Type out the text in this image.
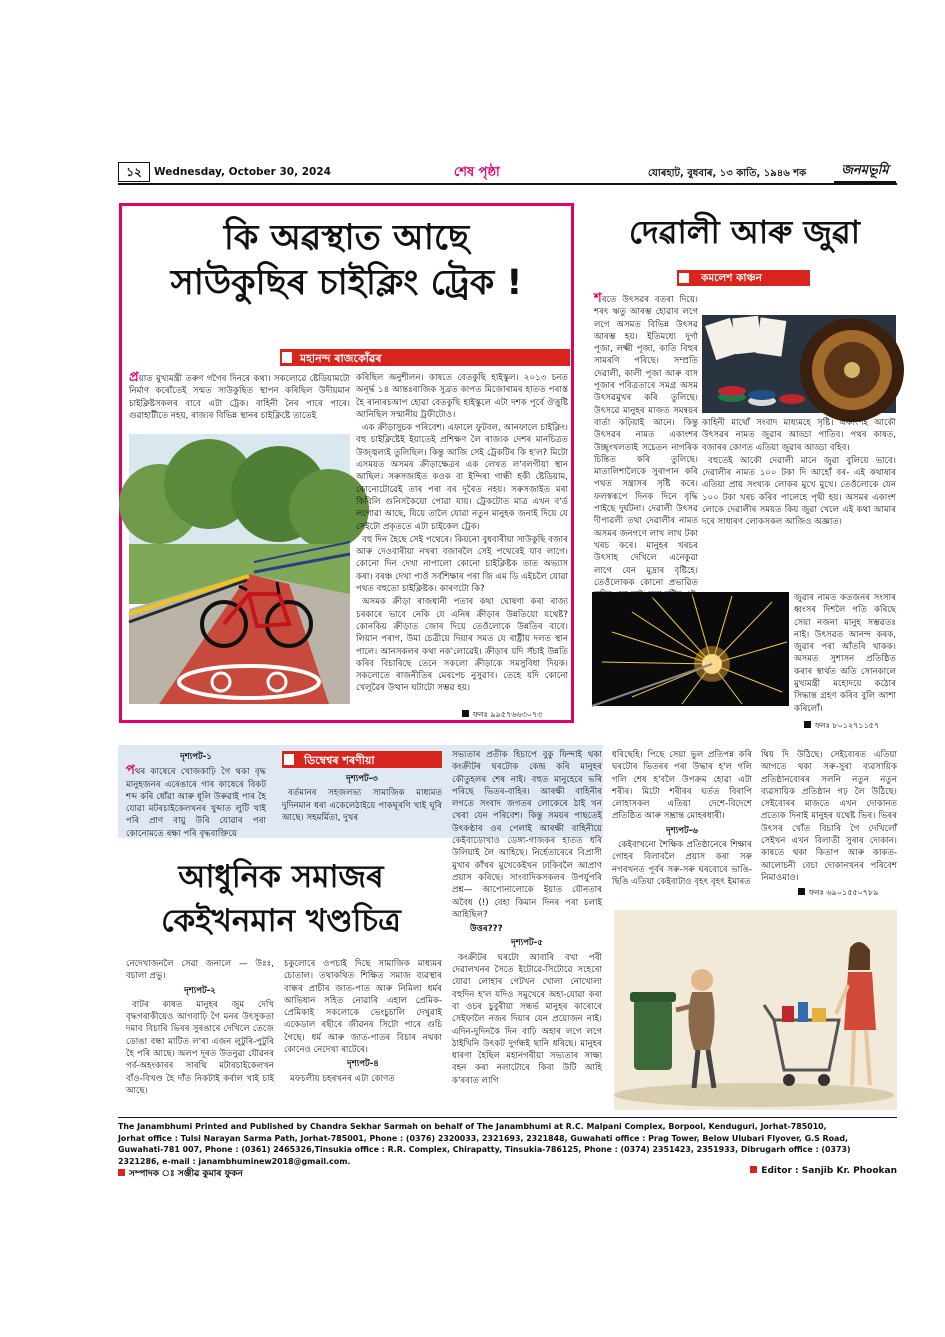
১২	Wednesday, October 30, 2024	শেষ পৃষ্ঠা	যোৰহাট, বুধবাৰ, ১৩ কাতি, ১৯৪৬ শক	জনমভূমি
কি অৱস্থাত আছে
সাউকুছিৰ চাইক্লিং ট্ৰেক !
মহানন্দ ৰাজকোঁৱৰ

প্ৰয়াত মুখ্যমন্ত্ৰী তৰুণ গগৈৰ দিনৰে কথা। সকলোৱে ষ্টেডিয়ামটো নিৰ্মাণ কৰোঁতেই সন্মত সাউকুছিত স্থাপন কৰিছিল উদীয়মান চাইক্লিষ্টসকলৰ বাবে এটা ট্ৰেক। বাহিনী নৈৰ পাৰে পাৰে। গুৱাহাটীতে নহয়, ৰাজ্যৰ বিভিন্ন স্থানৰ চাইক্লিষ্টে তাতেই

কৰিছিল অনুশীলন। কাষতে বেতকুছি হাইস্কুল। ২০১৩ চনত অনূৰ্দ্ধ ১৪ আন্তঃৰাজিক সুব্ৰত কাপত মিজোৰামৰ হাতত পৰাস্ত হৈ ৰানাৰচআপ হোৱা বেতকুছি হাইস্কুলে এটা দশক পূৰ্বে ঔত্তুষ্টি আনিছিল সন্মানীয় ট্ৰফীটোও।

এক ক্ৰীড়াসুচক পৰিবেশ। এফালে ফুটবল, আনফালে চাইক্লিং। বহু চাইক্লিষ্টেই ইয়াতেই প্ৰশিক্ষণ লৈ ৰাজ্যক দেশৰ মানচিত্ৰত উজ্জ্বল্যই তুলিছিল। কিন্তু আজি সেই ট্ৰেকটিৰ কি হ'ল? মিটো এসময়ত অসমৰ ক্ৰীড়াক্ষেত্ৰৰ এক লেখত ল'বলগীয়া স্থান আছিল। সৰুসজাইত কওক বা ইন্দিৰা গান্ধী হকী ষ্টেডিয়াম, কোনোটোৱেই তাৰ পৰা বৰ দূৰৈত নহয়। সৰুসজাইত মৰা কিবিলি গুনিসকৈয়ো পোৱা যায়। ট্ৰেকটোত মাত্ৰ এখন ব'ৰ্ড লগোৱা আছে, যিয়ে তালৈ যোৱা নতুন মানুহক জনাই দিয়ে যে সেইটো প্ৰকৃততে এটা চাইকেল ট্ৰেক।

বহু দিন হৈছে সেই পথেৰে। কিয়নো বুধবাৰীয়া সাউকুছি বজাৰ আৰু দেওবাৰীয়া নখৰা বজাৰলৈ সেই পথেৰেই যাব লাগে। কোনো দিন দেখা নাপালো কোনো চাইক্লিষ্টক তাত অভ্যাস কৰা। বৰঞ্চ দেখা পাওঁ সৰ্বশিক্ষাৰ পৰা জি এম ডি এইচলৈ যোৱা পথত বহুতো চাইক্লিষ্টক। কাৰণটো কি?

অসমক ক্ৰীড়া ৰাজধানী পতাৰ কথা ঘোষণা কৰা ৰাজ্য চৰকাৰে ভাবে নেকি যে এনিষ ক্ৰীড়াৰ উন্নতিয়ো যথেষ্ট? কোনকিয় ক্ৰীড়াত জোৰ দিয়ে তেওঁলোকে উন্নতিৰ বাবে। লিয়ান পৰাগ, উমা চেত্ৰীয়ে দিয়াৰ সমত যে ৰাষ্ট্ৰীয় দলত স্থান পালে। আনসকলৰ কথা নক'লোৱেই। ক্ৰীড়াৰ যদি সঁচাই উন্নতি কৰিব বিচাৰিছে তেনে সকলো ক্ৰীড়াকে সমসুবিধা দিয়ক। সকলোতে ৰাজনীতিৰ মেৰপেচ নুসুৱাব। তেহে যদি কোনো খেলুৱৈৰ উত্থান ঘটাটো সম্ভৱ হয়।

ফনঃ ৯৯৫৭৬৬৩০৭৩
দেৱালী আৰু জুৱা
কমলেশ কাঞ্চন

শৰতে উৎসৱৰ বতৰা দিয়ে। শৰৎ ঋতু আৰম্ভ হোৱাৰ লগে লগে অসমত বিভিন্ন উৎসৱ আৰম্ভ হয়। ইতিমধ্যে দুৰ্গা পূজা, লক্ষ্মী পূজা, কাতি বিহুৰ সামৰণি পৰিছে। সম্প্ৰতি দেৱালী, কালী পূজা আৰু বাস পূজাৰ পবিত্ৰতাৰে সমগ্ৰ অসম উৎসৱমুখৰ কৰি তুলিছে। উৎসৱে মানুহৰ মাজত সমন্বয়ৰ বাৰ্তা কঢ়িয়াই আনে। কিন্তু উৎসৱৰ নামত একাংশৰ উচ্ছৃংখলতাই সচেতন নাগৰিক চিন্তিত কৰি তুলিছে। মাতালিশালৈকে সুৰাপান কৰি পথত সন্ত্ৰাসৰ সৃষ্টি কৰে। ফলস্বৰূপে দিনক দিনে বৃদ্ধি পাইছে দুৰ্ঘটনা। দেৱালী উৎসৱ দীপাৱলী তথা দেৱালীৰ নামত অসমৰ জনগণে লাখ লাখ টকা খৰচ কৰে। মানুহৰ খৰচৰ উৎসাহ দেখিলে এনেকুৱা লাগে যেন মুদ্ৰাৰ বৃষ্টিহে। তেওঁলোকক কোনো প্ৰভাৱিত কৰিব পৰা নাই। মুদ্ৰা বৃষ্টিৰ এই

কাহিনী মাথোঁ সংবাদ মাধ্যমহে সৃষ্টি। একাংশই আকৌ উৎসৱৰ নামত জুৱাৰ আড্ডা পাতিব। পথৰ কাষত, বজাৰৰ কোণত এতিয়া জুৱাৰ আড্ডা বহিব।

বহুতেই আকৌ দেৱালী মানে জুৱা বুলিয়ে ভাবে। দেৱালীৰ নামত ১০০ টকা দি আহোঁ বৰ- এই কথাষাৰ এতিয়া প্ৰায় সংখ্যক লোকৰ মুখে মুখে। তেওঁলোকে যেন ১০০ টকা খৰচ কৰিব পালেহে পৃথী হয়। অসমৰ একাংশ লোকে দেৱালীৰ সময়ত কিয় জুৱা খেলে এই কথা আমাৰ দৰে সাধাৰণ লোকসকল আজিও অজ্ঞাত।

জুৱাৰ নামত কতজনৰ সংসাৰ ধ্বংসৰ দিশলৈ গতি কৰিছে সেয়া নজনা মানুহ সম্ভৱতঃ নাই। উৎসৱত আনন্দ কৰক, জুৱাৰ পৰা আঁতৰি থাকক। অসমত সুশাসন প্ৰতিষ্ঠিত কৰাৰ স্বাৰ্থত অতি সোনকালে মুখ্যমন্ত্ৰী মহোদয়ে কঠোৰ সিদ্ধান্ত গ্ৰহণ কৰিব বুলি আশা কৰিলোঁ।

ফনঃ ৮০১২৭১১৫৭
দৃশ্যপট-১

পথৰ কাষেৰে খোজকাঢ়ি গৈ থকা বৃদ্ধ মানুহজনৰ এৰেঙাৰে গাৰ কাষেৰে বিকট শব্দ কৰি ধোঁৱা আৰু ধূলি উৰুৱাই পাৰ হৈ যোৱা মটৰচাইকেলখনৰ খুব্দাত লুটি খাই পৰি প্ৰাণ বায়ু উৰি যোৱাৰ পৰা কোনোমতে ৰক্ষা পৰি বৃদ্ধবাক্তিয়ে

ডিম্বেশ্বৰ শৰণীয়া
দৃশ্যপট-৩

বৰ্তমানৰ সহজলভ্য সামাজিক মাধ্যমত দুদিনমান ধৰা একেলেঠাইয়ে পাকঘূৰণি খাই ঘূৰি আছে। সহমৰ্মিতা, দুখৰ

আধুনিক সমাজৰ
কেইখনমান খণ্ডচিত্ৰ

নেদেখাজনলৈ সেৱা জনালে — উঃঃ, বচালা প্ৰভু।

দৃশ্যপট-২

বাটৰ কাষত মানুহৰ জুম দেখি বৃদ্ধগৰাকীয়েও আগবাঢ়ি গৈ মনৰ উৎসুকতা দমাব বিচাৰি ভিৰৰ সুৰঙাৰে দেখিলে তেজে ডোঙা বন্ধা মাটিত ল'ৰা এজন লুটুৰি-পুটুৰি হৈ পৰি আছে। অলপ দূৰত উতনুৱা যৌৱনৰ গৰ্ব-অহংকাৰৰ সাৰথি মটাৰচাইকেলখন বাঁও-বিখণ্ড হৈ দাঁত নিকটাই কৰ্বাল খাই চাই আছে।

চকুলোৰে ওপচাই দিছে সামাজিক মাধ্যমৰ চোতাল। তথাকথিত শিক্ষিত সমাজ ব্যৱস্থাৰ বান্ধৰ প্ৰাচীৰ জাত-পাত আৰু নিমিলা ধৰ্মৰ আভিধান সহিত নোৱাৰি এহাল প্ৰেমিক-প্ৰেমিকাই সকলোকে ভেংচুচালি দেখুৱাই একেডাল ৰছীৰে জীৱনৰ সিটো পাৰে গুচি গৈছে। ধৰ্ম আৰু জাত-পাতৰ বিচাৰ নথকা কোনেও নেদেখা ৰাটেৰে।

দৃশ্যপট-৪

মফচলীয় চহৰখনৰ এটা কোণত

সভ্যতাৰ প্ৰতীক হিচাপে বুকু ফিন্দাই থকা কংক্ৰীটৰ ঘৰটোক কেন্দ্ৰ কৰি মানুহৰ কৌতুহলৰ শেষ নাই। বহুত মানুহেৰে ভৰি পৰিছে ভিতৰ-বাহিৰ। আৰক্ষী বাহিনীৰ লগতে সংবাদ জগতৰ লোকেৰে ঠাই খন খেৰা যেন পৰিবেশ। কিন্তু সময়ৰ পাছতেই উৎকণ্ঠাৰ ওৰ পেলাই আৰক্ষী বাহিনীয়ে কেইবাডোখাও ডেঙ্গা-গাজকৰ হাতত ধৰি উলিয়াই লৈ আহিছে। নিৰ্হেতাৰেৰে বিপ্ৰাসী মুখাৰ কাঁখৰ মুখেকেইখন ঢাকিবলৈ আপ্ৰাণ প্ৰয়াস কৰিছে। সাংবাদিকসকলৰ উপৰ্যুপৰি প্ৰশ্ন— আপোনালোকে ইয়াত যৌনতাৰ অবৈধ (!) বেহা কিমান দিনৰ পৰা চলাই আহিছিল?

উত্তৰ???
দৃশ্যপট-৫

কংক্ৰীটৰ ঘৰটো আবাৰি বখা পৰী দেৱালখনৰ সৈতে ইটোৱে-সিটোৱে সহেৰো যোৱা লোহাৰ গেটখন খোলা নোখোলা বহুদিন হ'ল যদিও সমুখেৰে অহা-যোৱা কৰা বা ওচৰ চুবুৰীয়া সন্ধৰ্ভ মানুহৰ কাৰোৰে সেইফালৈ নজৰ দিয়াৰ যেন প্ৰয়োজন নাই। এদিন-দুদিনকৈ দিন বাঢ়ি অহাৰ লগে লগে ঠাইখিনি উৎকট দুৰ্গন্ধই ছানি ধৰিছে। মানুহৰ ধাৰণা হৈছিল মহানগৰীয়া সভ্যতাৰ সাক্ষ্য বহন কৰা নলাটোৰে কিবা উটি আহি ক'ৰবাত লাগি

ধৰিছেহি। পিছে সেয়া ভুল প্ৰতিপন্ন কৰি ঘৰটোৰ ভিতৰৰ পৰা উদ্ধাৰ হ'ল গলি গলি শেষ হ'বলৈ উপক্ৰম হোৱা এটা শৰীৰ। মিটো শৰীৰৰ ঘৰ্তত বিৰাপি লোহাসকল এতিয়া দেশে-বিদেশে প্ৰতিষ্ঠিত আৰু সম্ভ্ৰান্ত মোহৰধাৰী।

দৃশ্যপট-৬

কেইবাখনো শৈক্ষিক প্ৰতিষ্ঠানেৰে শিক্ষাৰ পোহৰ বিলাবলৈ প্ৰয়াস কৰা সৰু নগৰখনত পূৰ্বৰ সৰু-সৰু ঘৰবোৰে ভাঙি-ছিঙি এতিয়া কেইবাটাও বৃহৎ বৃহৎ ইমাৰত

থিয় দি উঠিছে। সেইবোৰত এতিয়া আগতে থকা সৰু-সুৰা ব্যৱসায়িক প্ৰতিষ্ঠানবোৰৰ সলনি নতুন নতুন ব্যৱসায়িক প্ৰতিষ্ঠান গঢ় লৈ উঠিছে। সেইবোৰৰ মাজতে এখন দোকানত প্ৰত্যেক দিনাই মানুহৰ যথেষ্ট ভিৰ। ভিৰৰ উৎসৰ খোঁত বিচাৰি গৈ দেখিলোঁ সেইখন এখন বিলাতী সুৰাৰ দোকান। কাষতে থকা কিতাপ আৰু কাকত-আলোচনী বেচা দোকানখনৰ পৰিবেশ নিমাওমাও।

ফনঃ ৬৯০১৫৫০৭৮৯
The Janambhumi Printed and Published by Chandra Sekhar Sarmah on behalf of The Janambhumi at R.C. Malpani Complex, Borpool, Kenduguri, Jorhat-785010,
Jorhat office : Tulsi Narayan Sarma Path, Jorhat-785001, Phone : (0376) 2320033, 2321693, 2321848, Guwahati office : Prag Tower, Below Ulubari Flyover, G.S Road,
Guwahati-781 007, Phone : (0361) 2465326,Tinsukia office : R.R. Complex, Chirapatty, Tinsukia-786125, Phone : (0374) 2351423, 2351933, Dibrugarh office : (0373)
2321286, e-mail : janambhuminew2018@gmail.com.
সম্পাদক ঃ সঞ্জীৱ কুমাৰ ফুকন	Editor : Sanjib Kr. Phookan
